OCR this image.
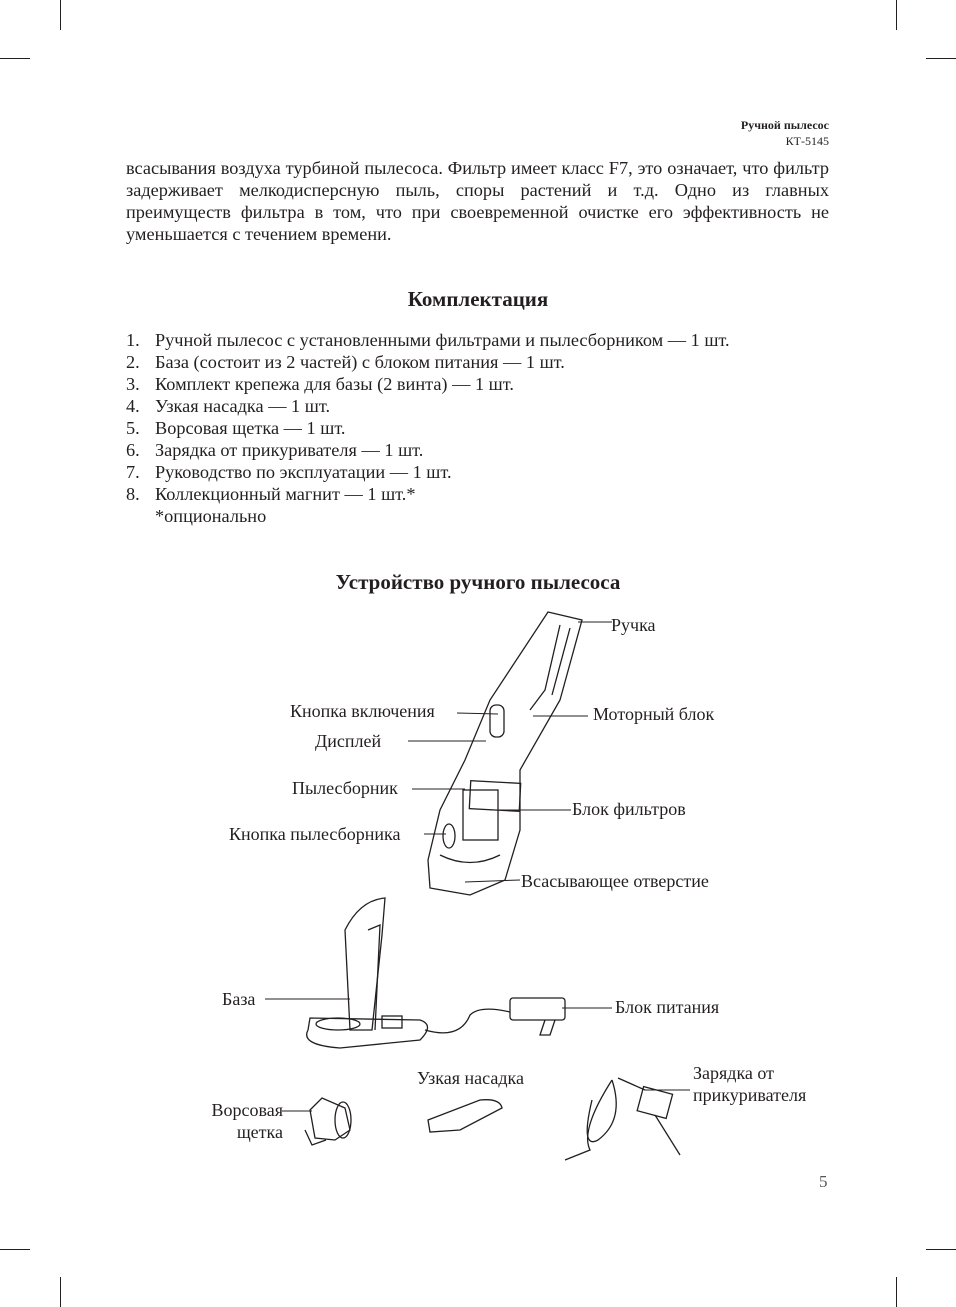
Ручной пылесос
КТ-5145
всасывания воздуха турбиной пылесоса. Фильтр имеет класс F7, это означает, что фильтр задерживает мелкодисперсную пыль, споры растений и т.д. Одно из главных преимуществ фильтра в том, что при своевременной очистке его эффективность не уменьшается с течением времени.
Комплектация
1. Ручной пылесос с установленными фильтрами и пылесборником — 1 шт.
2. База (состоит из 2 частей) с блоком питания — 1 шт.
3. Комплект крепежа для базы (2 винта) — 1 шт.
4. Узкая насадка — 1 шт.
5. Ворсовая щетка — 1 шт.
6. Зарядка от прикуривателя — 1 шт.
7. Руководство по эксплуатации — 1 шт.
8. Коллекционный магнит — 1 шт.*
*опционально
Устройство ручного пылесоса
Ручка
Кнопка включения	Моторный блок
Дисплей
Пылесборник
Блок фильтров
Кнопка пылесборника
Всасывающее отверстие
База	Блок питания
Узкая насадка	Зарядка от
прикуривателя
Ворсовая
щетка
5
